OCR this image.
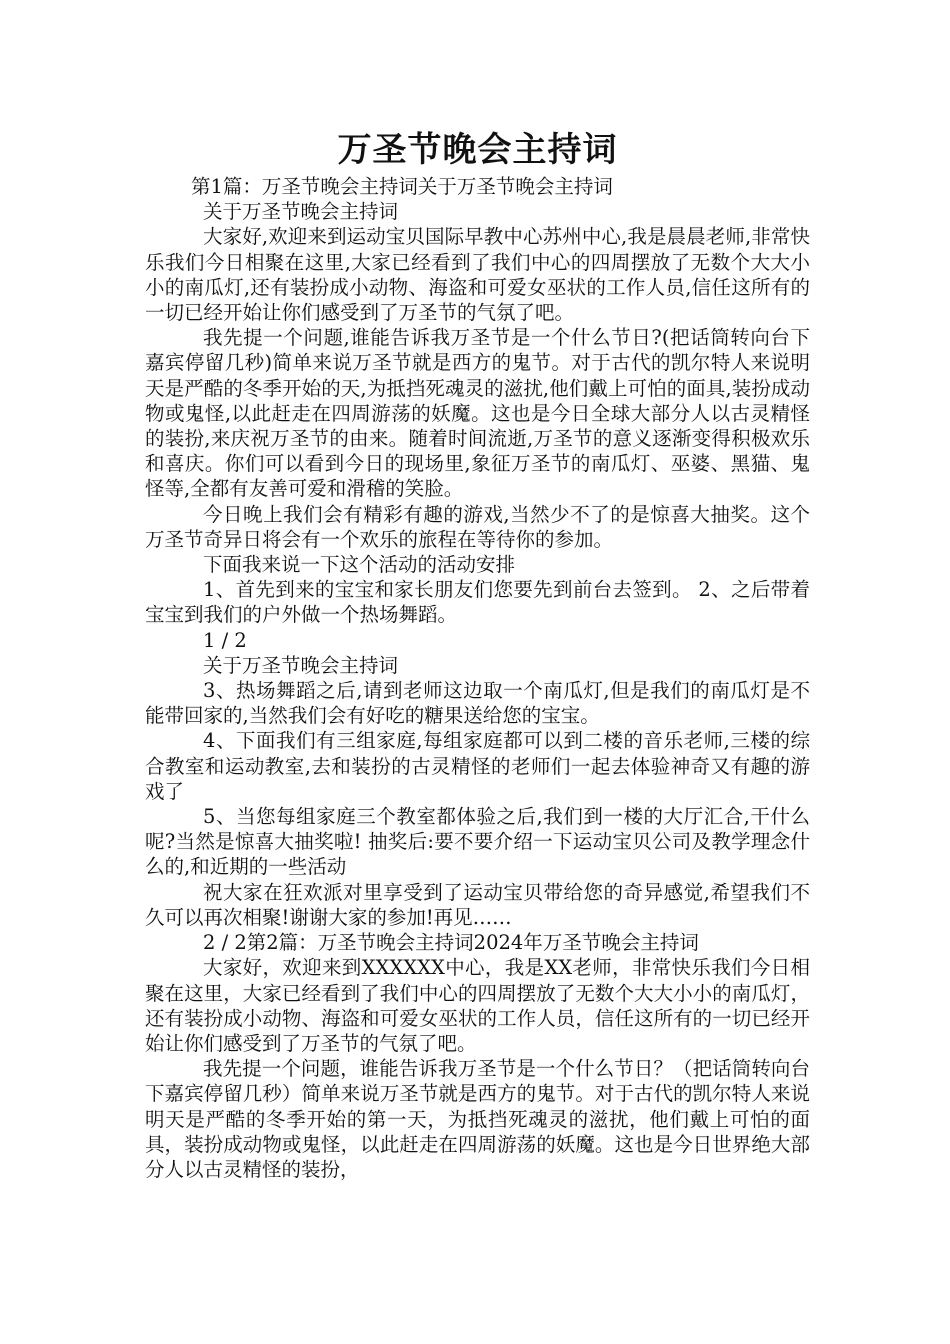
万圣节晚会主持词

第1篇：万圣节晚会主持词关于万圣节晚会主持词

关于万圣节晚会主持词

大家好,欢迎来到运动宝贝国际早教中心苏州中心,我是晨晨老师,非常快乐我们今日相聚在这里,大家已经看到了我们中心的四周摆放了无数个大大小小的南瓜灯,还有装扮成小动物、海盗和可爱女巫状的工作人员,信任这所有的一切已经开始让你们感受到了万圣节的气氛了吧。

我先提一个问题,谁能告诉我万圣节是一个什么节日?(把话筒转向台下嘉宾停留几秒)简单来说万圣节就是西方的鬼节。对于古代的凯尔特人来说明天是严酷的冬季开始的天,为抵挡死魂灵的滋扰,他们戴上可怕的面具,装扮成动物或鬼怪,以此赶走在四周游荡的妖魔。这也是今日全球大部分人以古灵精怪的装扮,来庆祝万圣节的由来。随着时间流逝,万圣节的意义逐渐变得积极欢乐和喜庆。你们可以看到今日的现场里,象征万圣节的南瓜灯、巫婆、黑猫、鬼怪等,全都有友善可爱和滑稽的笑脸。

今日晚上我们会有精彩有趣的游戏,当然少不了的是惊喜大抽奖。这个万圣节奇异日将会有一个欢乐的旅程在等待你的参加。

下面我来说一下这个活动的活动安排

1、首先到来的宝宝和家长朋友们您要先到前台去签到。 2、之后带着宝宝到我们的户外做一个热场舞蹈。

1 / 2

关于万圣节晚会主持词

3、热场舞蹈之后,请到老师这边取一个南瓜灯,但是我们的南瓜灯是不能带回家的,当然我们会有好吃的糖果送给您的宝宝。

4、下面我们有三组家庭,每组家庭都可以到二楼的音乐老师,三楼的综合教室和运动教室,去和装扮的古灵精怪的老师们一起去体验神奇又有趣的游戏了

5、当您每组家庭三个教室都体验之后,我们到一楼的大厅汇合,干什么呢?当然是惊喜大抽奖啦! 抽奖后:要不要介绍一下运动宝贝公司及教学理念什么的,和近期的一些活动

祝大家在狂欢派对里享受到了运动宝贝带给您的奇异感觉,希望我们不久可以再次相聚!谢谢大家的参加!再见……

2 / 2第2篇：万圣节晚会主持词2024年万圣节晚会主持词

大家好，欢迎来到XXXXXX中心，我是XX老师，非常快乐我们今日相聚在这里，大家已经看到了我们中心的四周摆放了无数个大大小小的南瓜灯，还有装扮成小动物、海盗和可爱女巫状的工作人员，信任这所有的一切已经开始让你们感受到了万圣节的气氛了吧。

我先提一个问题，谁能告诉我万圣节是一个什么节日？（把话筒转向台下嘉宾停留几秒）简单来说万圣节就是西方的鬼节。对于古代的凯尔特人来说明天是严酷的冬季开始的第一天，为抵挡死魂灵的滋扰，他们戴上可怕的面具，装扮成动物或鬼怪，以此赶走在四周游荡的妖魔。这也是今日世界绝大部分人以古灵精怪的装扮，
